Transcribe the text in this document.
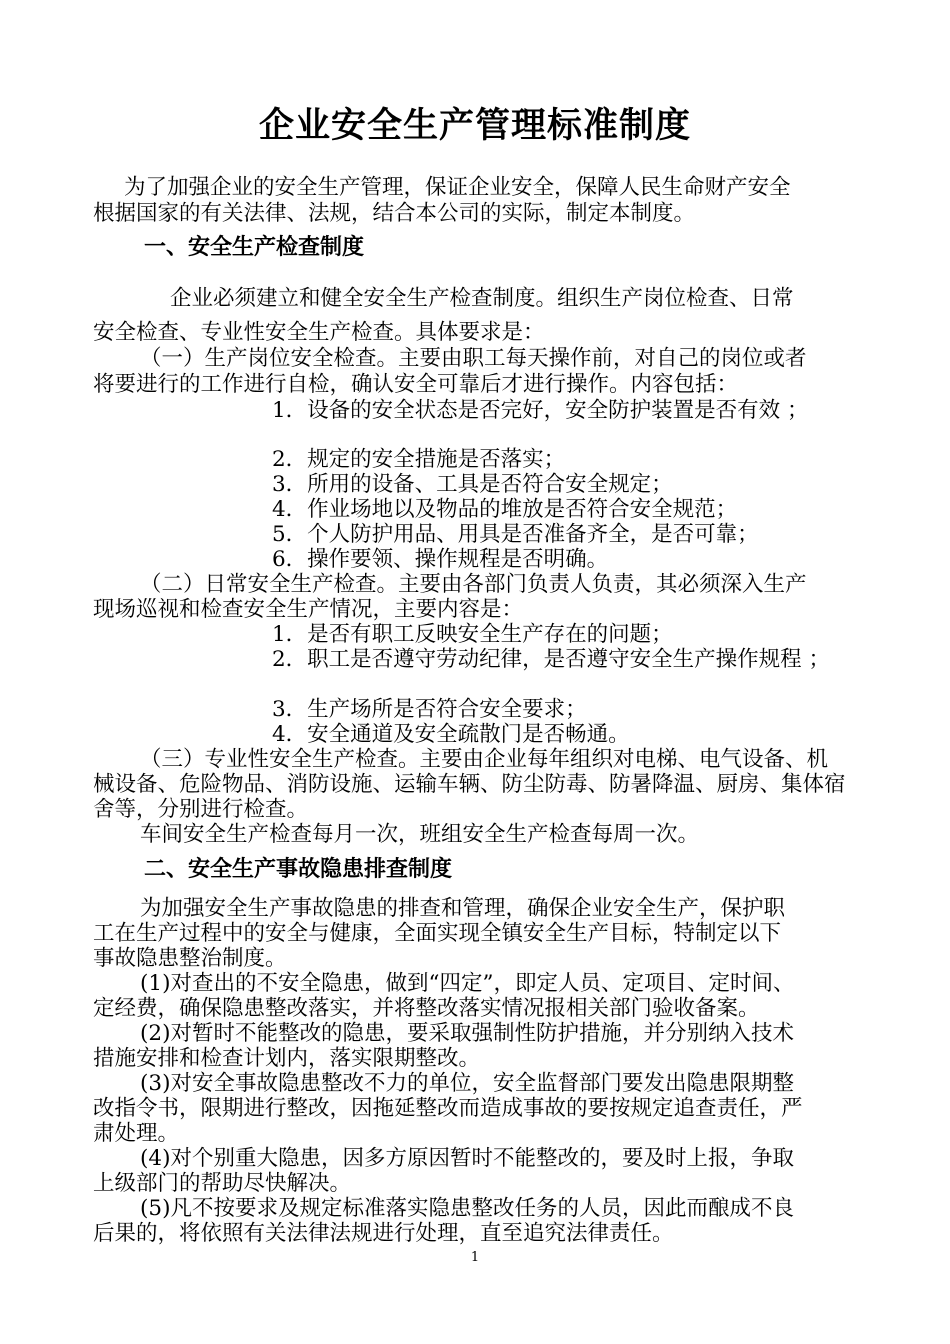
企业安全生产管理标准制度
为了加强企业的安全生产管理，保证企业安全，保障人民生命财产安全
根据国家的有关法律、法规，结合本公司的实际，制定本制度。
一、安全生产检查制度
企业必须建立和健全安全生产检查制度。组织生产岗位检查、日常
安全检查、专业性安全生产检查。具体要求是：
（一）生产岗位安全检查。主要由职工每天操作前，对自己的岗位或者
将要进行的工作进行自检，确认安全可靠后才进行操作。内容包括：
1．设备的安全状态是否完好，安全防护装置是否有效 ；
2．规定的安全措施是否落实；
3．所用的设备、工具是否符合安全规定；
4．作业场地以及物品的堆放是否符合安全规范；
5．个人防护用品、用具是否准备齐全，是否可靠；
6．操作要领、操作规程是否明确。
（二）日常安全生产检查。主要由各部门负责人负责，其必须深入生产
现场巡视和检查安全生产情况，主要内容是：
1．是否有职工反映安全生产存在的问题；
2．职工是否遵守劳动纪律，是否遵守安全生产操作规程 ；
3．生产场所是否符合安全要求；
4．安全通道及安全疏散门是否畅通。
（三）专业性安全生产检查。主要由企业每年组织对电梯、电气设备、机
械设备、危险物品、消防设施、运输车辆、防尘防毒、防暑降温、厨房、集体宿
舍等，分别进行检查。
车间安全生产检查每月一次，班组安全生产检查每周一次。
二、安全生产事故隐患排查制度
为加强安全生产事故隐患的排查和管理，确保企业安全生产，保护职
工在生产过程中的安全与健康，全面实现全镇安全生产目标，特制定以下
事故隐患整治制度。
(1)对查出的不安全隐患，做到“四定”，即定人员、定项目、定时间、
定经费，确保隐患整改落实，并将整改落实情况报相关部门验收备案。
(2)对暂时不能整改的隐患，要采取强制性防护措施，并分别纳入技术
措施安排和检查计划内，落实限期整改。
(3)对安全事故隐患整改不力的单位，安全监督部门要发出隐患限期整
改指令书，限期进行整改，因拖延整改而造成事故的要按规定追查责任，严
肃处理。
(4)对个别重大隐患，因多方原因暂时不能整改的，要及时上报，争取
上级部门的帮助尽快解决。
(5)凡不按要求及规定标准落实隐患整改任务的人员，因此而酿成不良
后果的，将依照有关法律法规进行处理，直至追究法律责任。
1
